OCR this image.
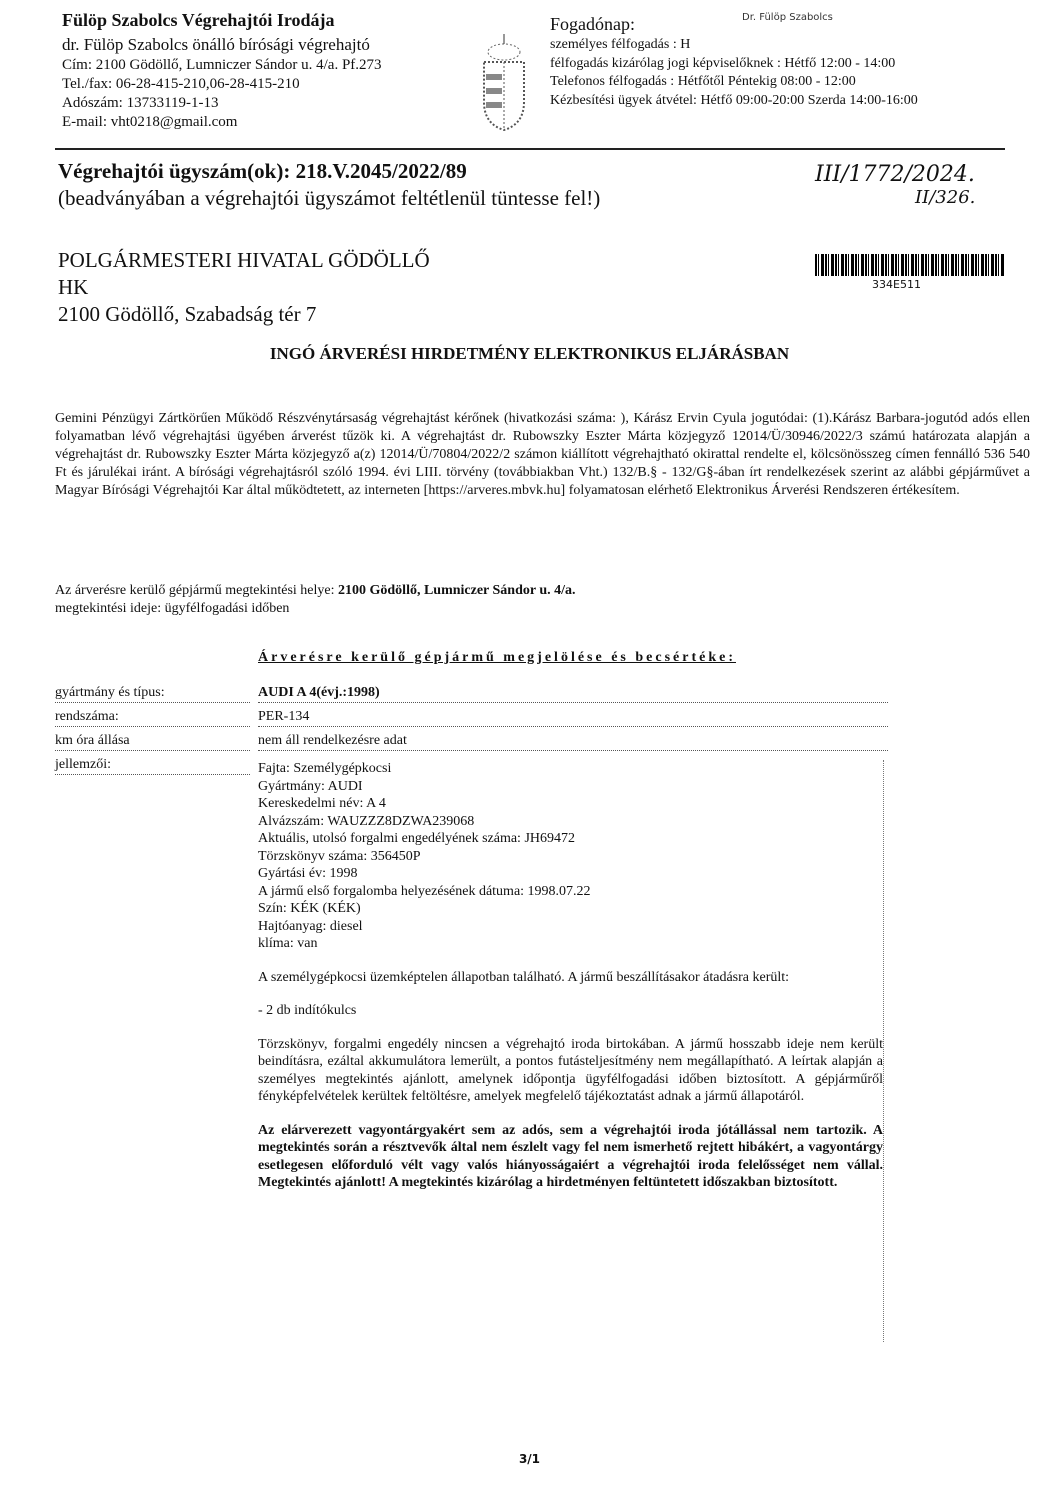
Fülöp Szabolcs Végrehajtói Irodája
dr. Fülöp Szabolcs önálló bírósági végrehajtó
Cím: 2100 Gödöllő, Lumniczer Sándor u. 4/a. Pf.273
Tel./fax: 06-28-415-210,06-28-415-210
Adószám: 13733119-1-13
E-mail: vht0218@gmail.com
Fogadónap:
személyes félfogadás : H
félfogadás kizárólag jogi képviselőknek : Hétfő 12:00 - 14:00
Telefonos félfogadás : Hétfőtől Péntekig 08:00 - 12:00
Kézbesítési ügyek átvétel: Hétfő 09:00-20:00 Szerda 14:00-16:00
Dr. Fülöp Szabolcs
Végrehajtói ügyszám(ok): 218.V.2045/2022/89
(beadványában a végrehajtói ügyszámot feltétlenül tüntesse fel!)
III/1772/2024.
II/326.
POLGÁRMESTERI HIVATAL GÖDÖLLŐ
HK
2100 Gödöllő, Szabadság tér 7
334E511
INGÓ ÁRVERÉSI HIRDETMÉNY ELEKTRONIKUS ELJÁRÁSBAN
Gemini Pénzügyi Zártkörűen Működő Részvénytársaság végrehajtást kérőnek (hivatkozási száma: ), Kárász Ervin Cyula jogutódai: (1).Kárász Barbara-jogutód adós ellen folyamatban lévő végrehajtási ügyében árverést tűzök ki. A végrehajtást dr. Rubowszky Eszter Márta közjegyző 12014/Ü/30946/2022/3 számú határozata alapján a végrehajtást dr. Rubowszky Eszter Márta közjegyző a(z) 12014/Ü/70804/2022/2 számon kiállított végrehajtható okirattal rendelte el, kölcsönösszeg címen fennálló 536 540 Ft és járulékai iránt. A bírósági végrehajtásról szóló 1994. évi LIII. törvény (továbbiakban Vht.) 132/B.§ - 132/G§-ában írt rendelkezések szerint az alábbi gépjárművet a Magyar Bírósági Végrehajtói Kar által működtetett, az interneten [https://arveres.mbvk.hu] folyamatosan elérhető Elektronikus Árverési Rendszeren értékesítem.
Az árverésre kerülő gépjármű megtekintési helye: 2100 Gödöllő, Lumniczer Sándor u. 4/a.
megtekintési ideje: ügyfélfogadási időben
Árverésre kerülő gépjármű megjelölése és becsértéke:
gyártmány és típus:	AUDI A 4(évj.:1998)
rendszáma:	PER-134
km óra állása	nem áll rendelkezésre adat
jellemzői:	Fajta: Személygépkocsi
Gyártmány: AUDI
Kereskedelmi név: A 4
Alvázszám: WAUZZZ8DZWA239068
Aktuális, utolsó forgalmi engedélyének száma: JH69472
Törzskönyv száma: 356450P
Gyártási év: 1998
A jármű első forgalomba helyezésének dátuma: 1998.07.22
Szín: KÉK (KÉK)
Hajtóanyag: diesel
klíma: van

A személygépkocsi üzemképtelen állapotban található. A jármű beszállításakor átadásra került:

- 2 db indítókulcs

Törzskönyv, forgalmi engedély nincsen a végrehajtó iroda birtokában. A jármű hosszabb ideje nem került beindításra, ezáltal akkumulátora lemerült, a pontos futásteljesítmény nem megállapítható. A leírtak alapján a személyes megtekintés ajánlott, amelynek időpontja ügyfélfogadási időben biztosított. A gépjárműről fényképfelvételek kerültek feltöltésre, amelyek megfelelő tájékoztatást adnak a jármű állapotáról.

Az elárverezett vagyontárgyakért sem az adós, sem a végrehajtói iroda jótállással nem tartozik. A megtekintés során a résztvevők által nem észlelt vagy fel nem ismerhető rejtett hibákért, a vagyontárgy esetlegesen előforduló vélt vagy valós hiányosságaiért a végrehajtói iroda felelősséget nem vállal. Megtekintés ajánlott! A megtekintés kizárólag a hirdetményen feltüntetett időszakban biztosított.

3/1
